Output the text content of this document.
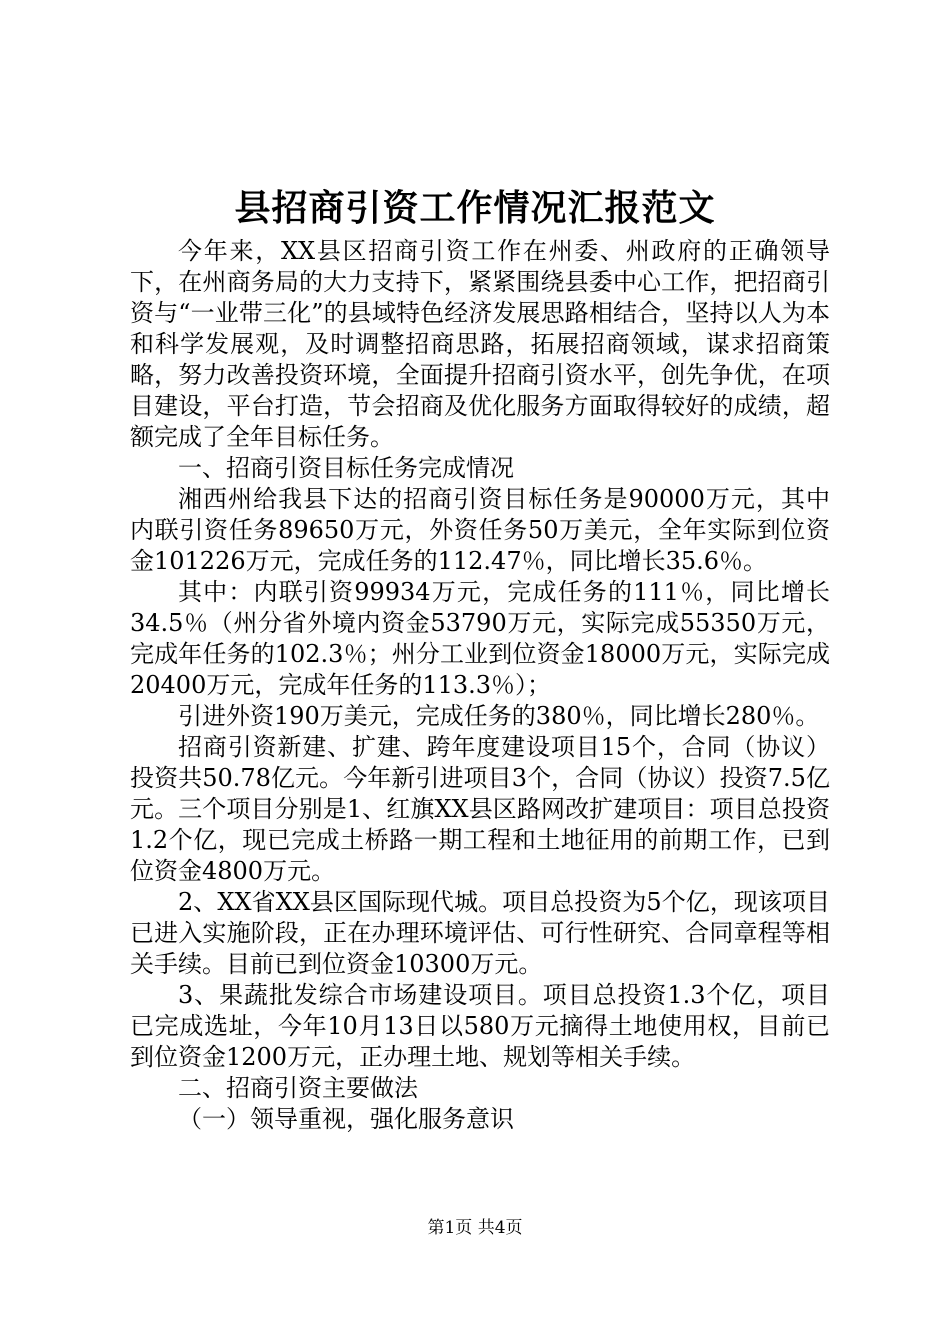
县招商引资工作情况汇报范文

今年来，XX县区招商引资工作在州委、州政府的正确领导下，在州商务局的大力支持下，紧紧围绕县委中心工作，把招商引资与“一业带三化”的县域特色经济发展思路相结合，坚持以人为本和科学发展观，及时调整招商思路，拓展招商领域，谋求招商策略，努力改善投资环境，全面提升招商引资水平，创先争优，在项目建设，平台打造，节会招商及优化服务方面取得较好的成绩，超额完成了全年目标任务。

一、招商引资目标任务完成情况

湘西州给我县下达的招商引资目标任务是90000万元，其中内联引资任务89650万元，外资任务50万美元，全年实际到位资金101226万元，完成任务的112.47％，同比增长35.6％。

其中：内联引资99934万元，完成任务的111％，同比增长34.5％（州分省外境内资金53790万元，实际完成55350万元，完成年任务的102.3％；州分工业到位资金18000万元，实际完成20400万元，完成年任务的113.3％）；

引进外资190万美元，完成任务的380％，同比增长280％。

招商引资新建、扩建、跨年度建设项目15个，合同（协议）投资共50.78亿元。今年新引进项目3个，合同（协议）投资7.5亿元。三个项目分别是1、红旗XX县区路网改扩建项目：项目总投资1.2个亿，现已完成土桥路一期工程和土地征用的前期工作，已到位资金4800万元。

2、XX省XX县区国际现代城。项目总投资为5个亿，现该项目已进入实施阶段，正在办理环境评估、可行性研究、合同章程等相关手续。目前已到位资金10300万元。

3、果蔬批发综合市场建设项目。项目总投资1.3个亿，项目已完成选址，今年10月13日以580万元摘得土地使用权，目前已到位资金1200万元，正办理土地、规划等相关手续。

二、招商引资主要做法

（一）领导重视，强化服务意识

第1页 共4页
